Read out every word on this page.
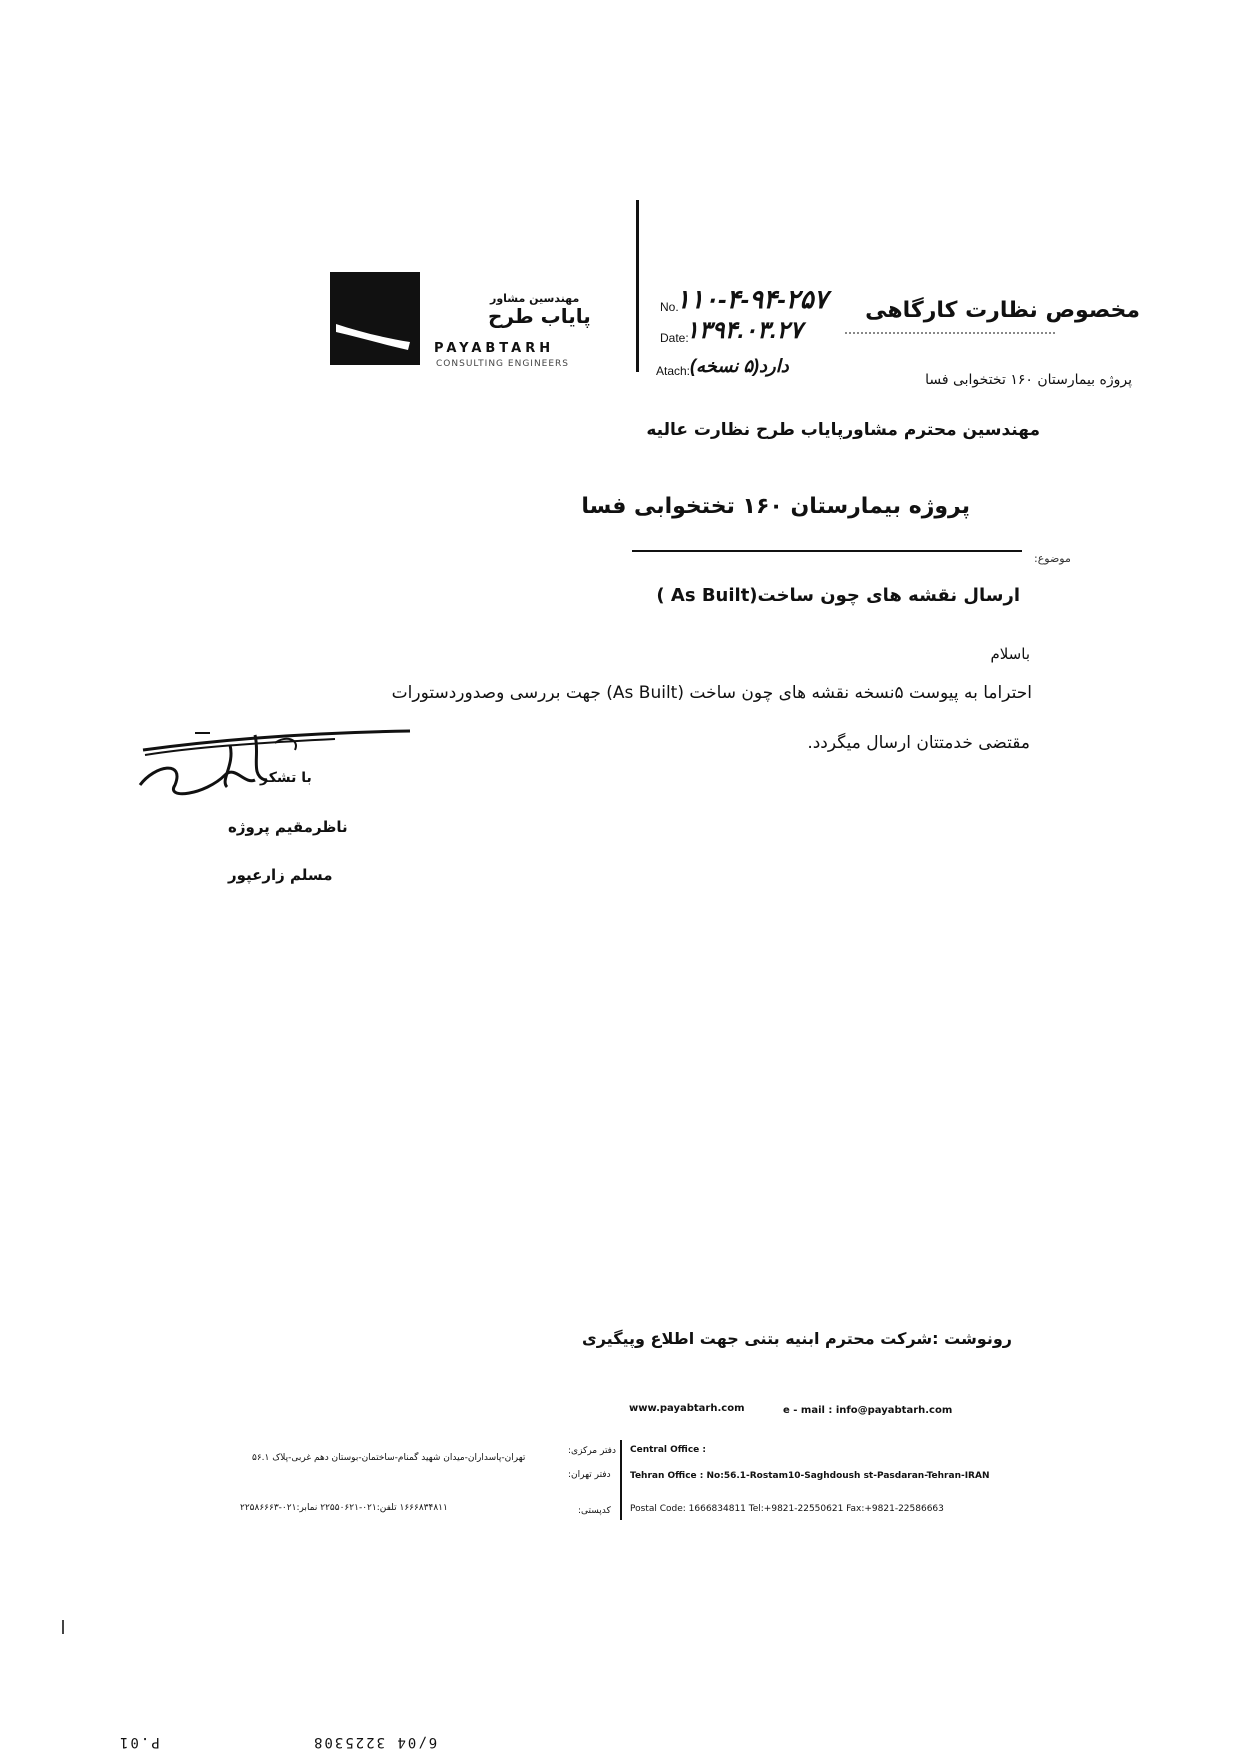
مهندسین مشاور
پایاب طرح
PAYABTARH
CONSULTING ENGINEERS
No.
۱۱۰-۴-۹۴-۲۵۷
Date:
۱۳۹۴.۰۳.۲۷
Atach: دارد(۵ نسخه)
مخصوص نظارت کارگاهی
پروژه بیمارستان ۱۶۰ تختخوابی فسا
مهندسین محترم مشاورپایاب طرح نظارت عالیه
پروژه بیمارستان ۱۶۰ تختخوابی فسا
موضوع:
ارسال نقشه های چون ساخت(As Built )
باسلام
احتراما به پیوست ۵نسخه نقشه های چون ساخت (As Built) جهت بررسی وصدوردستورات
مقتضی خدمتتان ارسال میگردد.
با تشکر
ناظرمقیم پروژه
مسلم زارعپور
رونوشت :شرکت محترم ابنیه بتنی جهت اطلاع وپیگیری
www.payabtarh.com	e - mail : info@payabtarh.com
Central Office :
Tehran Office : No:56.1-Rostam10-Saghdoush st-Pasdaran-Tehran-IRAN
Postal Code: 1666834811 Tel:+9821-22550621 Fax:+9821-22586663
دفتر مرکزی:
دفتر تهران:
کدپستی:
تهران-پاسداران-میدان شهید گمنام-ساختمان-بوستان دهم غربی-پلاک ۵۶.۱
۱۶۶۶۸۳۴۸۱۱ تلفن:۰۲۱-۲۲۵۵۰۶۲۱ نمابر:۰۲۱-۲۲۵۸۶۶۶۳
P.01	6/04 3225308
